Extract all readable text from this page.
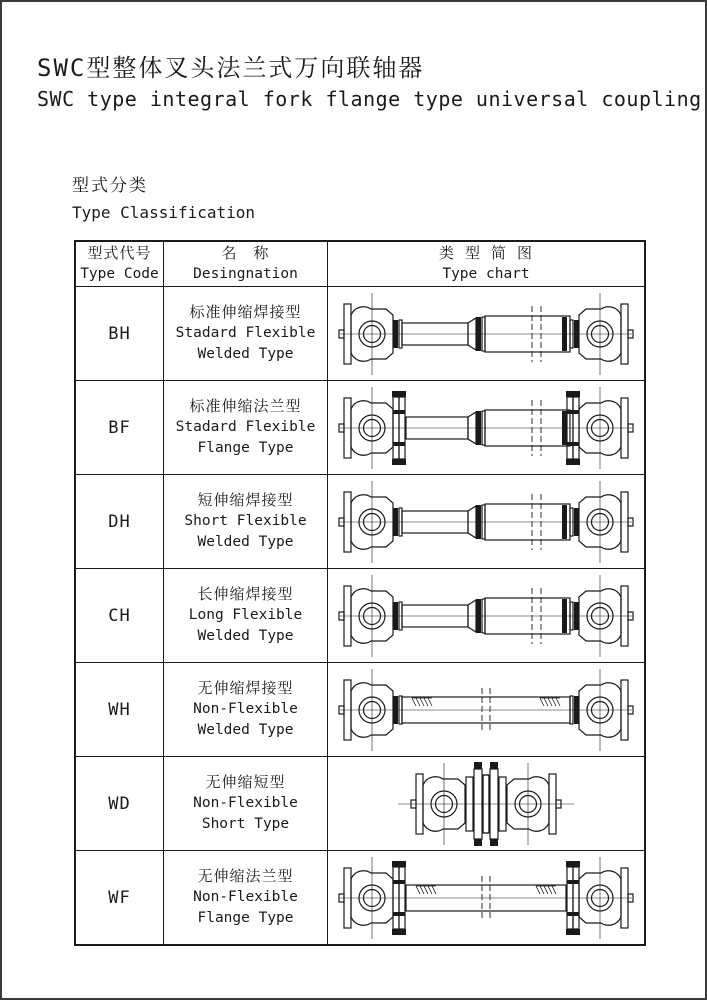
SWC型整体叉头法兰式万向联轴器
SWC type integral fork flange type universal coupling
型式分类
Type Classification
型式代号
Type Code
名　称
Desingnation
类 型 简 图
Type chart
BH
标准伸缩焊接型
Stadard Flexible
Welded Type
BF
标准伸缩法兰型
Stadard Flexible
Flange Type
DH
短伸缩焊接型
Short Flexible
Welded Type
CH
长伸缩焊接型
Long Flexible
Welded Type
WH
无伸缩焊接型
Non-Flexible
Welded Type
WD
无伸缩短型
Non-Flexible
Short Type
WF
无伸缩法兰型
Non-Flexible
Flange Type
